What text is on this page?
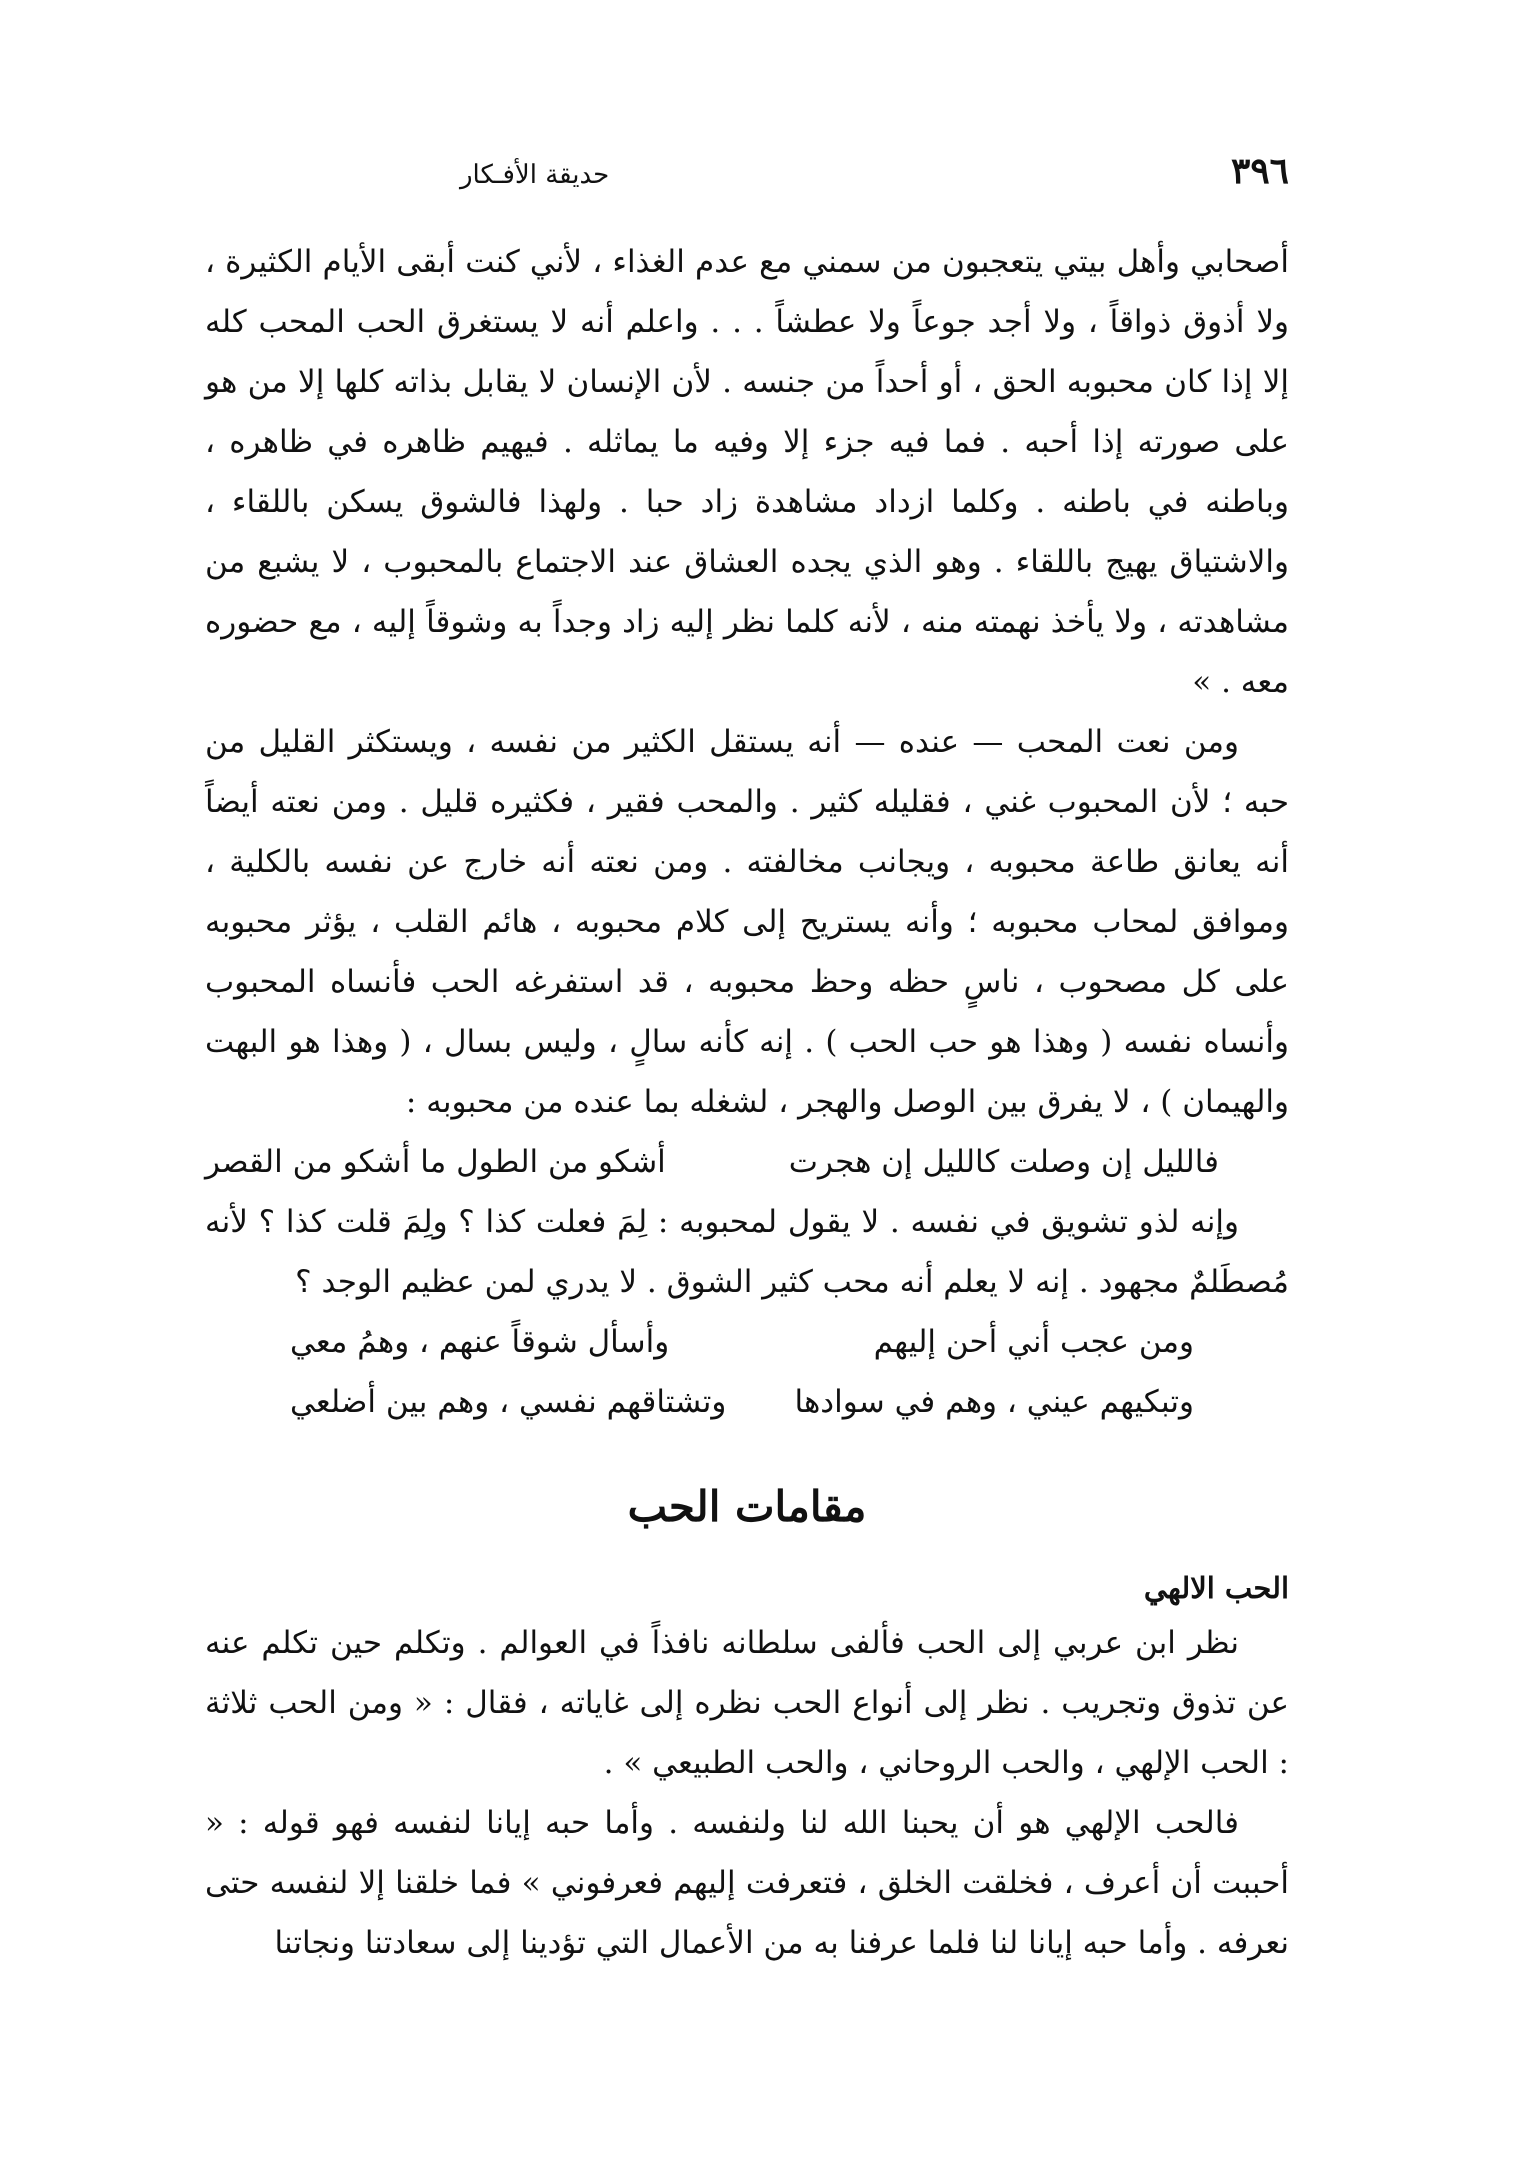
٣٩٦
حديقة الأفـكار

أصحابي وأهل بيتي يتعجبون من سمني مع عدم الغذاء ، لأني كنت أبقى الأيام الكثيرة ، ولا أذوق ذواقاً ، ولا أجد جوعاً ولا عطشاً . . . واعلم أنه لا يستغرق الحب المحب كله إلا إذا كان محبوبه الحق ، أو أحداً من جنسه . لأن الإنسان لا يقابل بذاته كلها إلا من هو على صورته إذا أحبه . فما فيه جزء إلا وفيه ما يماثله . فيهيم ظاهره في ظاهره ، وباطنه في باطنه . وكلما ازداد مشاهدة زاد حبا . ولهذا فالشوق يسكن باللقاء ، والاشتياق يهيج باللقاء . وهو الذي يجده العشاق عند الاجتماع بالمحبوب ، لا يشبع من مشاهدته ، ولا يأخذ نهمته منه ، لأنه كلما نظر إليه زاد وجداً به وشوقاً إليه ، مع حضوره معه . »

ومن نعت المحب — عنده — أنه يستقل الكثير من نفسه ، ويستكثر القليل من حبه ؛ لأن المحبوب غني ، فقليله كثير . والمحب فقير ، فكثيره قليل . ومن نعته أيضاً أنه يعانق طاعة محبوبه ، ويجانب مخالفته . ومن نعته أنه خارج عن نفسه بالكلية ، وموافق لمحاب محبوبه ؛ وأنه يستريح إلى كلام محبوبه ، هائم القلب ، يؤثر محبوبه على كل مصحوب ، ناسٍ حظه وحظ محبوبه ، قد استفرغه الحب فأنساه المحبوب وأنساه نفسه ( وهذا هو حب الحب ) . إنه كأنه سالٍ ، وليس بسال ، ( وهذا هو البهت والهيمان ) ، لا يفرق بين الوصل والهجر ، لشغله بما عنده من محبوبه :

فالليل إن وصلت كالليل إن هجرت
أشكو من الطول ما أشكو من القصر

وإنه لذو تشويق في نفسه . لا يقول لمحبوبه : لِمَ فعلت كذا ؟ ولِمَ قلت كذا ؟ لأنه مُصطَلمٌ مجهود . إنه لا يعلم أنه محب كثير الشوق . لا يدري لمن عظيم الوجد ؟

ومن عجب أني أحن إليهم
وأسأل شوقاً عنهم ، وهمُ معي
وتبكيهم عيني ، وهم في سوادها
وتشتاقهم نفسي ، وهم بين أضلعي
مقامات الحب

الحب الالهي

نظر ابن عربي إلى الحب فألفى سلطانه نافذاً في العوالم . وتكلم حين تكلم عنه عن تذوق وتجريب . نظر إلى أنواع الحب نظره إلى غاياته ، فقال : « ومن الحب ثلاثة : الحب الإلهي ، والحب الروحاني ، والحب الطبيعي » .

فالحب الإلهي هو أن يحبنا الله لنا ولنفسه . وأما حبه إيانا لنفسه فهو قوله : « أحببت أن أعرف ، فخلقت الخلق ، فتعرفت إليهم فعرفوني » فما خلقنا إلا لنفسه حتى نعرفه . وأما حبه إيانا لنا فلما عرفنا به من الأعمال التي تؤدينا إلى سعادتنا ونجاتنا
